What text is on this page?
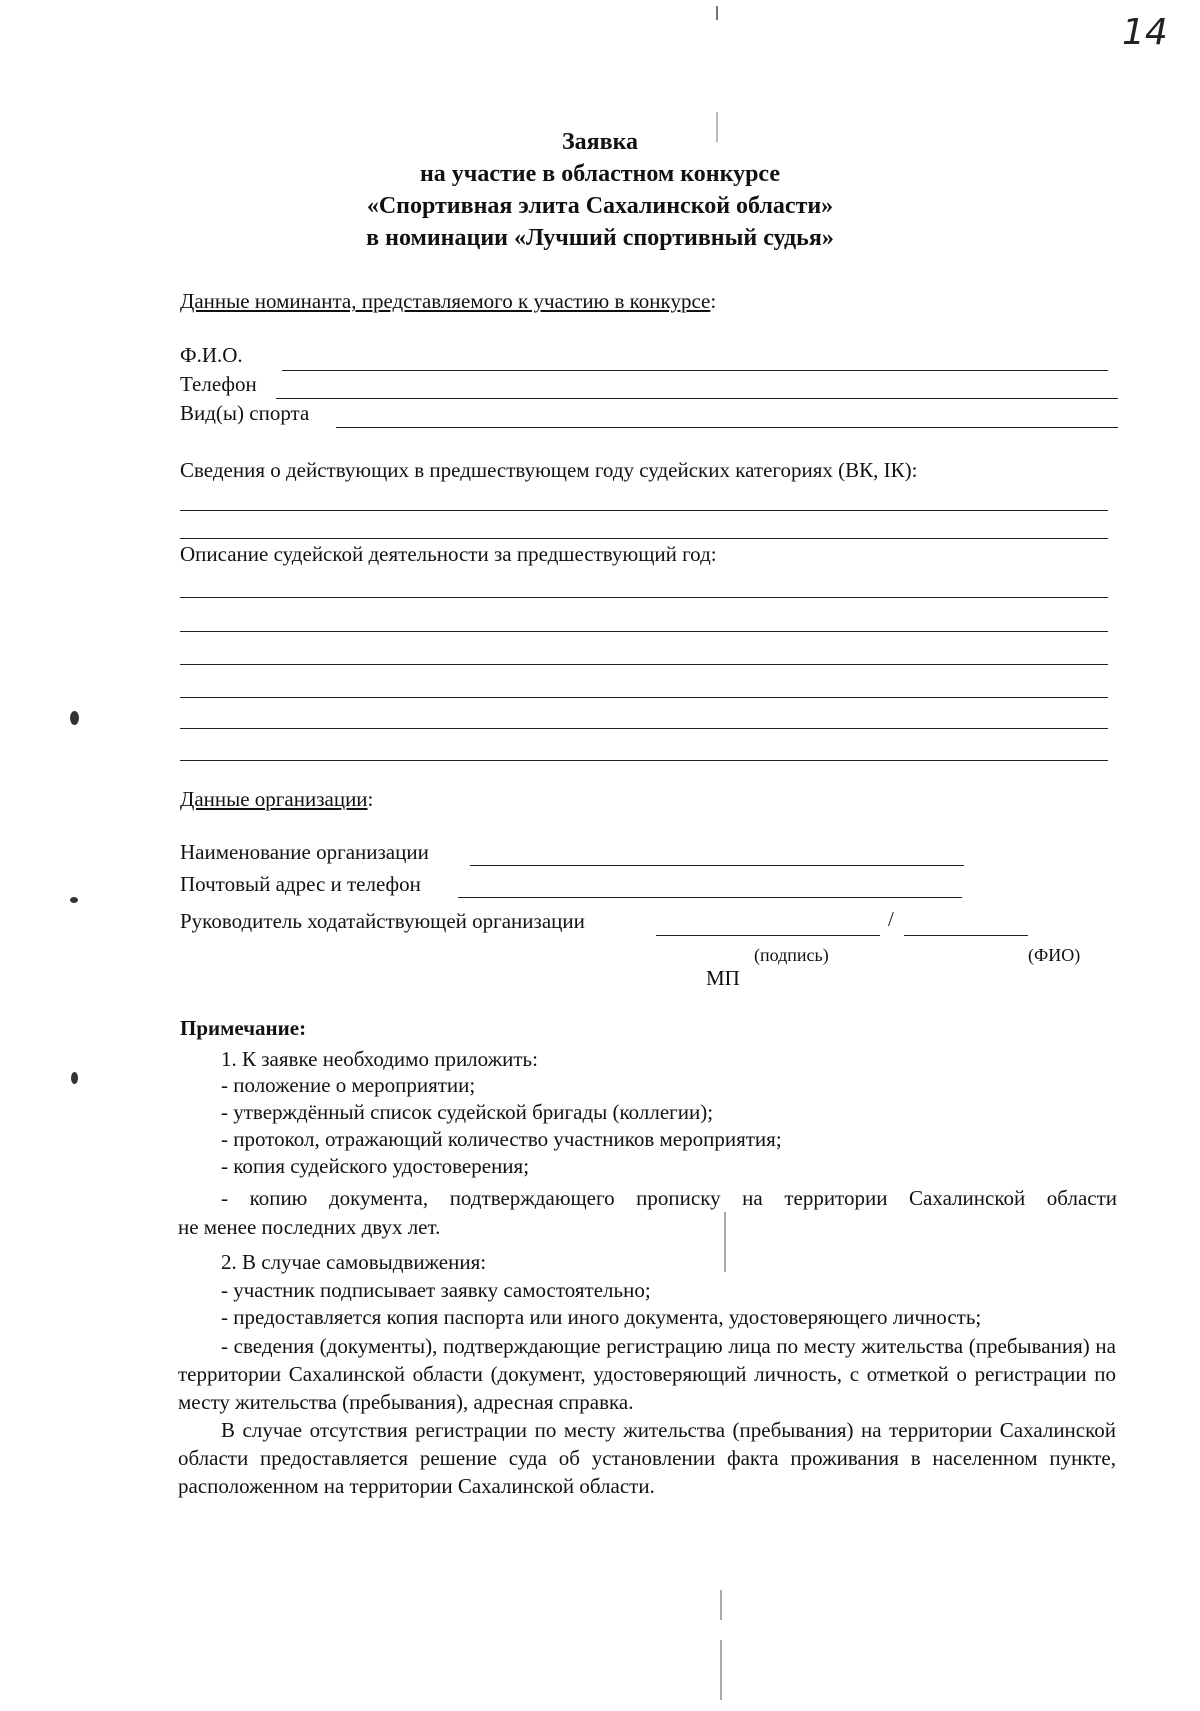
14
Заявка
на участие в областном конкурсе
«Спортивная элита Сахалинской области»
в номинации «Лучший спортивный судья»
Данные номинанта, представляемого к участию в конкурсе:
Ф.И.О.
Телефон
Вид(ы) спорта
Сведения о действующих в предшествующем году судейских категориях (ВК, IК):
Описание судейской деятельности за предшествующий год:
Данные организации:
Наименование организации
Почтовый адрес и телефон
Руководитель ходатайствующей организации	/
(подпись)	(ФИО)
МП
Примечание:
1. К заявке необходимо приложить:
- положение о мероприятии;
- утверждённый список судейской бригады (коллегии);
- протокол, отражающий количество участников мероприятия;
- копия судейского удостоверения;
- копию документа, подтверждающего прописку на территории Сахалинской области
не менее последних двух лет.
2. В случае самовыдвижения:
- участник подписывает заявку самостоятельно;
- предоставляется копия паспорта или иного документа, удостоверяющего личность;
- сведения (документы), подтверждающие регистрацию лица по месту жительства (пребывания) на территории Сахалинской области (документ, удостоверяющий личность, с отметкой о регистрации по месту жительства (пребывания), адресная справка.
В случае отсутствия регистрации по месту жительства (пребывания) на территории Сахалинской области предоставляется решение суда об установлении факта проживания в населенном пункте, расположенном на территории Сахалинской области.
